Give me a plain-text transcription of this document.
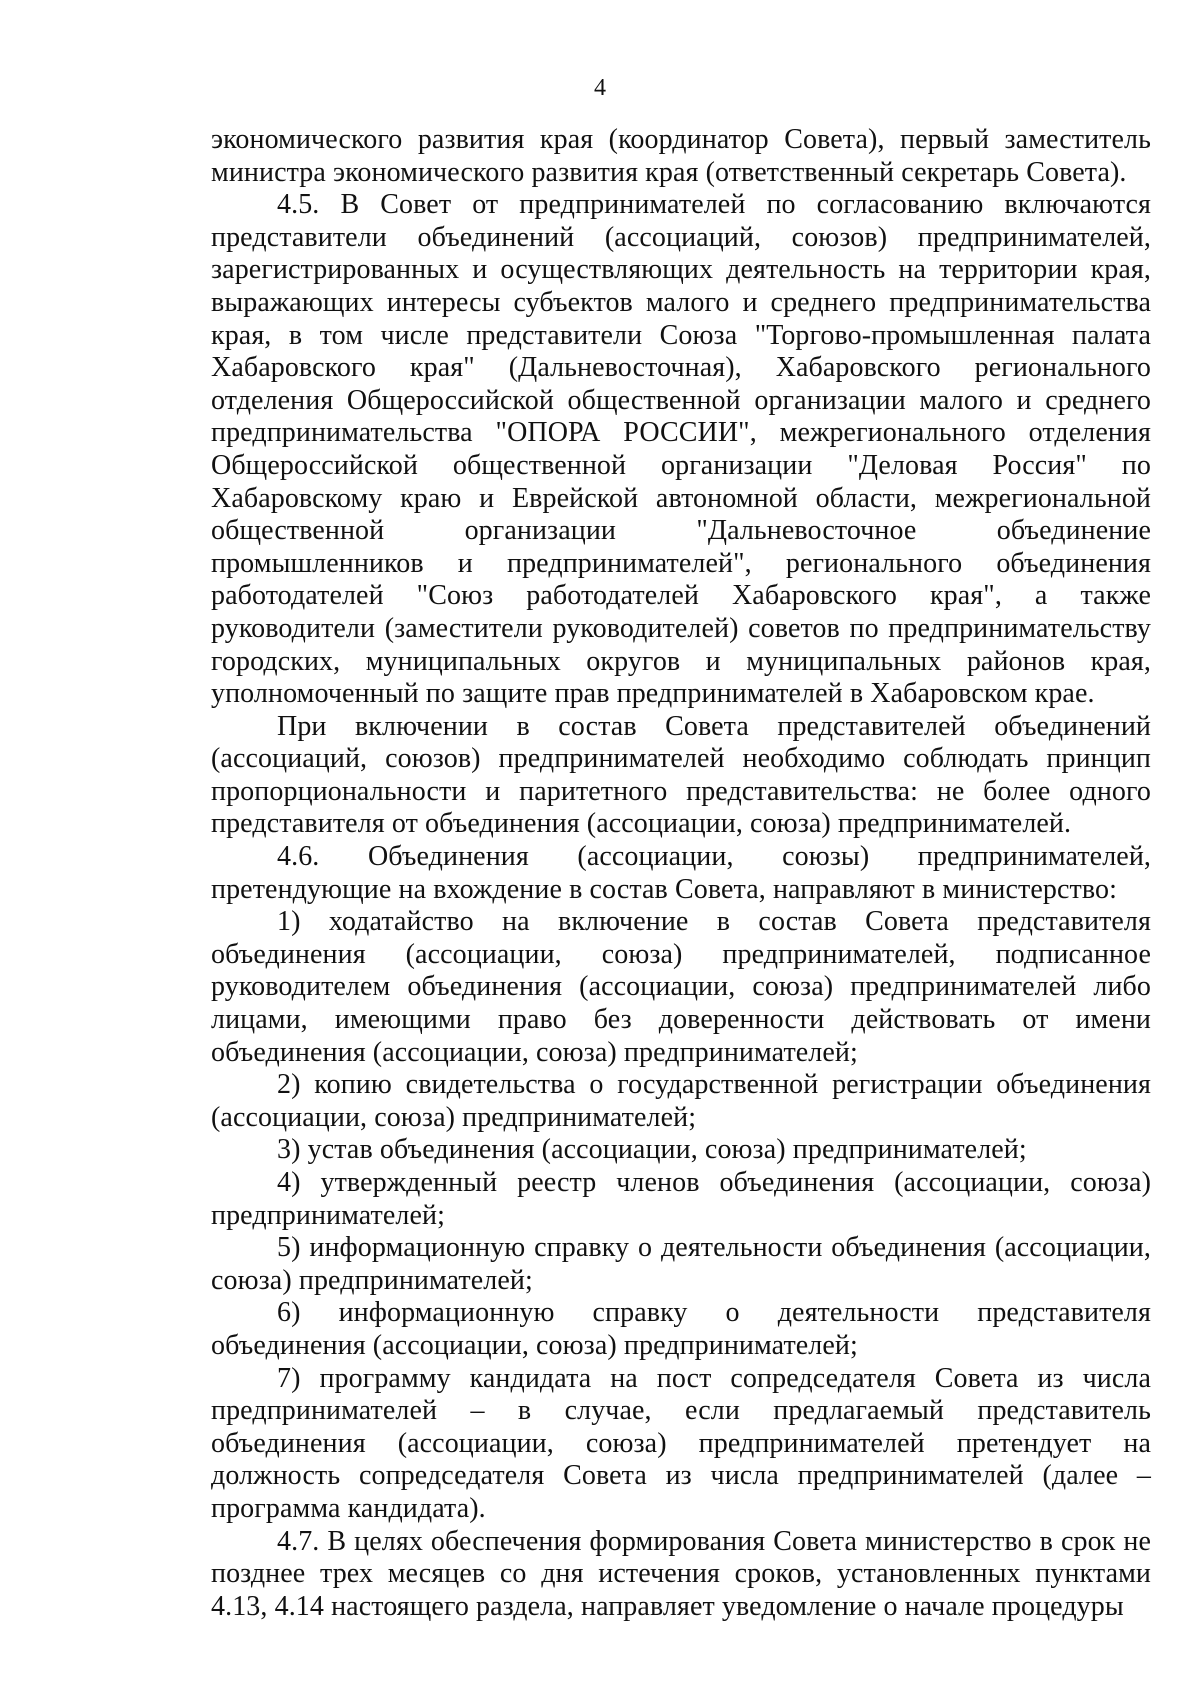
4

экономического развития края (координатор Совета), первый заместитель министра экономического развития края (ответственный секретарь Совета).

4.5. В Совет от предпринимателей по согласованию включаются представители объединений (ассоциаций, союзов) предпринимателей, зарегистрированных и осуществляющих деятельность на территории края, выражающих интересы субъектов малого и среднего предпринимательства края, в том числе представители Союза "Торгово-промышленная палата Хабаровского края" (Дальневосточная), Хабаровского регионального отделения Общероссийской общественной организации малого и среднего предпринимательства "ОПОРА РОССИИ", межрегионального отделения Общероссийской общественной организации "Деловая Россия" по Хабаровскому краю и Еврейской автономной области, межрегиональной общественной организации "Дальневосточное объединение промышленников и предпринимателей", регионального объединения работодателей "Союз работодателей Хабаровского края", а также руководители (заместители руководителей) советов по предпринимательству городских, муниципальных округов и муниципальных районов края, уполномоченный по защите прав предпринимателей в Хабаровском крае.

При включении в состав Совета представителей объединений (ассоциаций, союзов) предпринимателей необходимо соблюдать принцип пропорциональности и паритетного представительства: не более одного представителя от объединения (ассоциации, союза) предпринимателей.

4.6. Объединения (ассоциации, союзы) предпринимателей, претендующие на вхождение в состав Совета, направляют в министерство:

1) ходатайство на включение в состав Совета представителя объединения (ассоциации, союза) предпринимателей, подписанное руководителем объединения (ассоциации, союза) предпринимателей либо лицами, имеющими право без доверенности действовать от имени объединения (ассоциации, союза) предпринимателей;

2) копию свидетельства о государственной регистрации объединения (ассоциации, союза) предпринимателей;

3) устав объединения (ассоциации, союза) предпринимателей;

4) утвержденный реестр членов объединения (ассоциации, союза) предпринимателей;

5) информационную справку о деятельности объединения (ассоциации, союза) предпринимателей;

6) информационную справку о деятельности представителя объединения (ассоциации, союза) предпринимателей;

7) программу кандидата на пост сопредседателя Совета из числа предпринимателей – в случае, если предлагаемый представитель объединения (ассоциации, союза) предпринимателей претендует на должность сопредседателя Совета из числа предпринимателей (далее – программа кандидата).

4.7. В целях обеспечения формирования Совета министерство в срок не позднее трех месяцев со дня истечения сроков, установленных пунктами 4.13, 4.14 настоящего раздела, направляет уведомление о начале процедуры
